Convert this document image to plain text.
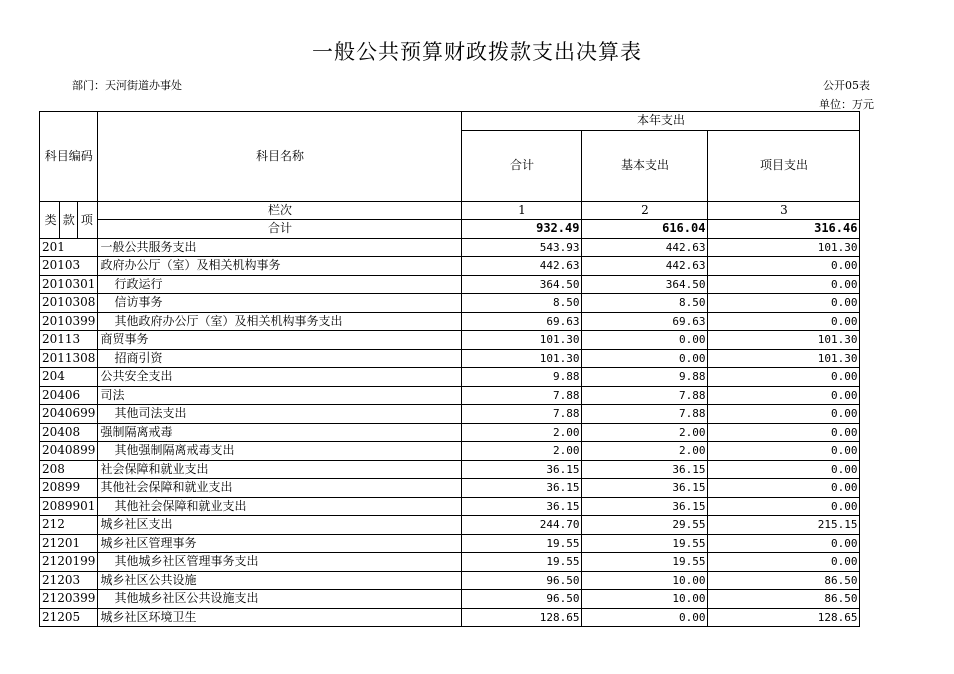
一般公共预算财政拨款支出决算表
部门：天河街道办事处	公开05表
单位：万元
科目编码	科目名称	本年支出		
		合计	基本支出	项目支出

类 款 项	栏次	1	2	3
	合计	932.49	616.04	316.46
201	一般公共服务支出	543.93	442.63	101.30
20103	政府办公厅（室）及相关机构事务	442.63	442.63	0.00
2010301	行政运行	364.50	364.50	0.00
2010308	信访事务	8.50	8.50	0.00
2010399	其他政府办公厅（室）及相关机构事务支出	69.63	69.63	0.00
20113	商贸事务	101.30	0.00	101.30
2011308	招商引资	101.30	0.00	101.30
204	公共安全支出	9.88	9.88	0.00
20406	司法	7.88	7.88	0.00
2040699	其他司法支出	7.88	7.88	0.00
20408	强制隔离戒毒	2.00	2.00	0.00
2040899	其他强制隔离戒毒支出	2.00	2.00	0.00
208	社会保障和就业支出	36.15	36.15	0.00
20899	其他社会保障和就业支出	36.15	36.15	0.00
2089901	其他社会保障和就业支出	36.15	36.15	0.00
212	城乡社区支出	244.70	29.55	215.15
21201	城乡社区管理事务	19.55	19.55	0.00
2120199	其他城乡社区管理事务支出	19.55	19.55	0.00
21203	城乡社区公共设施	96.50	10.00	86.50
2120399	其他城乡社区公共设施支出	96.50	10.00	86.50
21205	城乡社区环境卫生	128.65	0.00	128.65
